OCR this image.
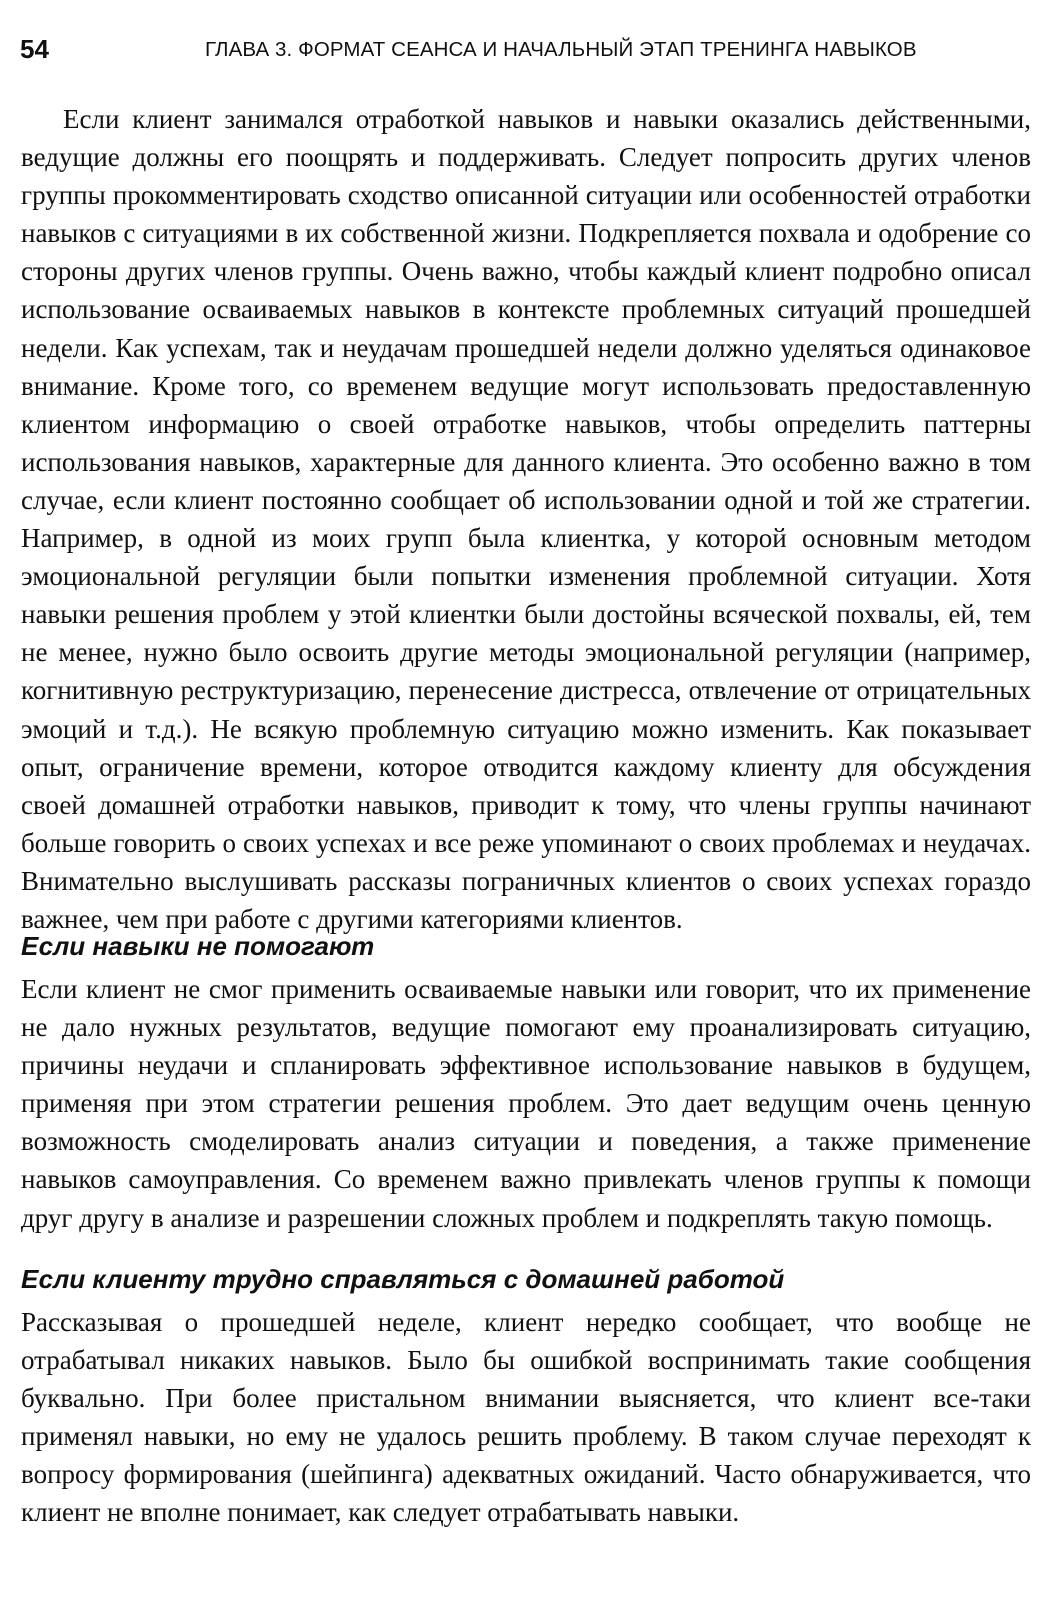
54	ГЛАВА 3. ФОРМАТ СЕАНСА И НАЧАЛЬНЫЙ ЭТАП ТРЕНИНГА НАВЫКОВ

Если клиент занимался отработкой навыков и навыки оказались действенными, ведущие должны его поощрять и поддерживать. Следует попросить других членов группы прокомментировать сходство описанной ситуации или особенностей отработки навыков с ситуациями в их собственной жизни. Подкрепляется похвала и одобрение со стороны других членов группы. Очень важно, чтобы каждый клиент подробно описал использование осваиваемых навыков в контексте проблемных ситуаций прошедшей недели. Как успехам, так и неудачам прошедшей недели должно уделяться одинаковое внимание. Кроме того, со временем ведущие могут использовать предоставленную клиентом информацию о своей отработке навыков, чтобы определить паттерны использования навыков, характерные для данного клиента. Это особенно важно в том случае, если клиент постоянно сообщает об использовании одной и той же стратегии. Например, в одной из моих групп была клиентка, у которой основным методом эмоциональной регуляции были попытки изменения проблемной ситуации. Хотя навыки решения проблем у этой клиентки были достойны всяческой похвалы, ей, тем не менее, нужно было освоить другие методы эмоциональной регуляции (например, когнитивную реструктуризацию, перенесение дистресса, отвлечение от отрицательных эмоций и т.д.). Не всякую проблемную ситуацию можно изменить. Как показывает опыт, ограничение времени, которое отводится каждому клиенту для обсуждения своей домашней отработки навыков, приводит к тому, что члены группы начинают больше говорить о своих успехах и все реже упоминают о своих проблемах и неудачах. Внимательно выслушивать рассказы пограничных клиентов о своих успехах гораздо важнее, чем при работе с другими категориями клиентов.

Если навыки не помогают

Если клиент не смог применить осваиваемые навыки или говорит, что их применение не дало нужных результатов, ведущие помогают ему проанализировать ситуацию, причины неудачи и спланировать эффективное использование навыков в будущем, применяя при этом стратегии решения проблем. Это дает ведущим очень ценную возможность смоделировать анализ ситуации и поведения, а также применение навыков самоуправления. Со временем важно привлекать членов группы к помощи друг другу в анализе и разрешении сложных проблем и подкреплять такую помощь.

Если клиенту трудно справляться с домашней работой

Рассказывая о прошедшей неделе, клиент нередко сообщает, что вообще не отрабатывал никаких навыков. Было бы ошибкой воспринимать такие сообщения буквально. При более пристальном внимании выясняется, что клиент все-таки применял навыки, но ему не удалось решить проблему. В таком случае переходят к вопросу формирования (шейпинга) адекватных ожиданий. Часто обнаруживается, что клиент не вполне понимает, как следует отрабатывать навыки.
